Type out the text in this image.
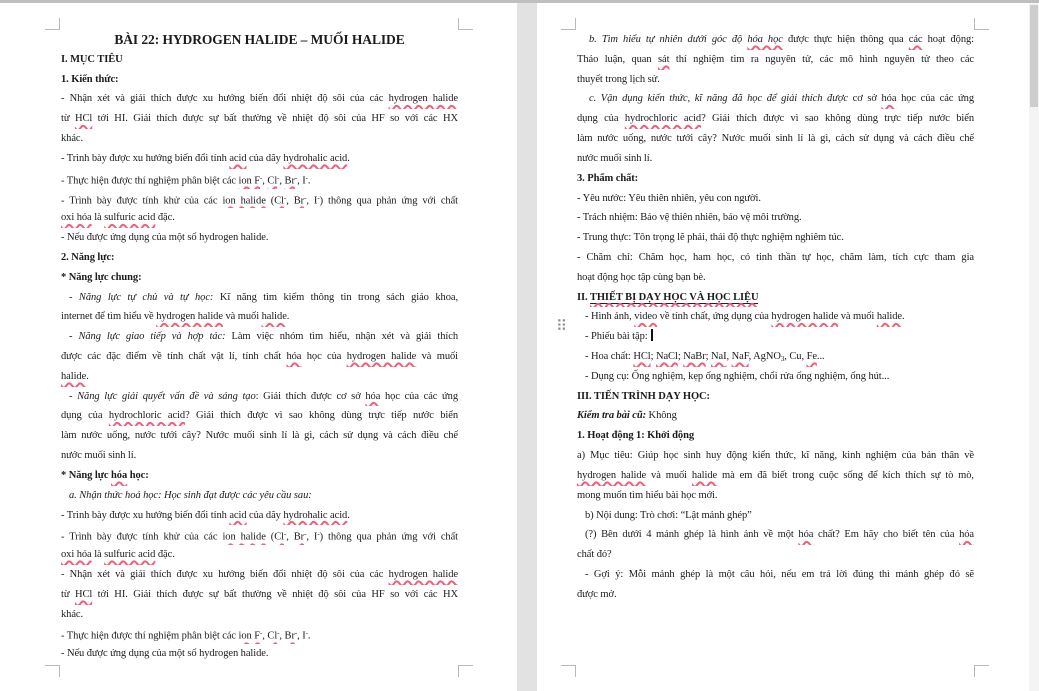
BÀI 22: HYDROGEN HALIDE – MUỐI HALIDE
I. MỤC TIÊU
1. Kiến thức:
- Nhận xét và giải thích được xu hướng biến đổi nhiệt độ sôi của các hydrogen halide
từ HCl tới HI. Giải thích được sự bất thường về nhiệt độ sôi của HF so với các HX
khác.
- Trình bày được xu hướng biến đổi tính acid của dãy hydrohalic acid.
- Thực hiện được thí nghiệm phân biệt các ion F-, Cl-, Br-, I-.
- Trình bày được tính khử của các ion halide (Cl-, Br-, I-) thông qua phản ứng với chất
oxi hóa là sulfuric acid đặc.
- Nếu được ứng dụng của một số hydrogen halide.
2. Năng lực:
* Năng lực chung:
- Năng lực tự chủ và tự học: Kĩ năng tìm kiếm thông tin trong sách giáo khoa,
internet để tìm hiểu về hydrogen halide và muối halide.
- Năng lực giao tiếp và hợp tác: Làm việc nhóm tìm hiểu, nhận xét và giải thích
được các đặc điểm về tính chất vật lí, tính chất hóa học của hydrogen halide và muối
halide.
- Năng lực giải quyết vấn đề và sáng tạo: Giải thích được cơ sở hóa học của các ứng
dụng của hydrochloric acid? Giải thích được vì sao không dùng trực tiếp nước biển
làm nước uống, nước tưới cây? Nước muối sinh lí là gì, cách sử dụng và cách điều chế
nước muối sinh lí.
* Năng lực hóa học:
a. Nhận thức hoá học: Học sinh đạt được các yêu cầu sau:
- Trình bày được xu hướng biến đổi tính acid của dãy hydrohalic acid.
- Trình bày được tính khử của các ion halide (Cl-, Br-, I-) thông qua phản ứng với chất
oxi hóa là sulfuric acid đặc.
- Nhận xét và giải thích được xu hướng biến đổi nhiệt độ sôi của các hydrogen halide
từ HCl tới HI. Giải thích được sự bất thường về nhiệt độ sôi của HF so với các HX
khác.
- Thực hiện được thí nghiệm phân biệt các ion F-, Cl-, Br-, I-.
- Nếu được ứng dụng của một số hydrogen halide.
b. Tìm hiểu tự nhiên dưới góc độ hóa học được thực hiện thông qua các hoạt động:
Thảo luận, quan sát thí nghiệm tìm ra nguyên tử, các mô hình nguyên tử theo các
thuyết trong lịch sử.
c. Vận dụng kiến thức, kĩ năng đã học để giải thích được cơ sở hóa học của các ứng
dụng của hydrochloric acid? Giải thích được vì sao không dùng trực tiếp nước biển
làm nước uống, nước tưới cây? Nước muối sinh lí là gì, cách sử dụng và cách điều chế
nước muối sinh lí.
3. Phẩm chất:
- Yêu nước: Yêu thiên nhiên, yêu con người.
- Trách nhiệm: Bảo vệ thiên nhiên, bảo vệ môi trường.
- Trung thực: Tôn trọng lẽ phải, thái độ thực nghiệm nghiêm túc.
- Chăm chỉ: Chăm học, ham học, có tinh thần tự học, chăm làm, tích cực tham gia
hoạt động học tập cùng bạn bè.
II. THIẾT BỊ DẠY HỌC VÀ HỌC LIỆU
- Hình ảnh, video về tính chất, ứng dụng của hydrogen halide và muối halide.
- Phiếu bài tập:
- Hoa chất: HCl; NaCl; NaBr; NaI, NaF, AgNO$_3$, Cu, Fe...
- Dụng cụ: Ống nghiệm, kẹp ống nghiệm, chổi rửa ống nghiệm, ống hút...
III. TIẾN TRÌNH DẠY HỌC:
Kiểm tra bài cũ: Không
1. Hoạt động 1: Khởi động
a) Mục tiêu: Giúp học sinh huy động kiến thức, kĩ năng, kinh nghiệm của bản thân về
hydrogen halide và muối halide mà em đã biết trong cuộc sống để kích thích sự tò mò,
mong muốn tìm hiểu bài học mới.
b) Nội dung: Trò chơi: “Lật mảnh ghép”
(?) Bên dưới 4 mảnh ghép là hình ảnh về một hóa chất? Em hãy cho biết tên của hóa
chất đó?
- Gợi ý: Mỗi mảnh ghép là một câu hỏi, nếu em trả lời đúng thì mảnh ghép đó sẽ
được mở.
⠿
